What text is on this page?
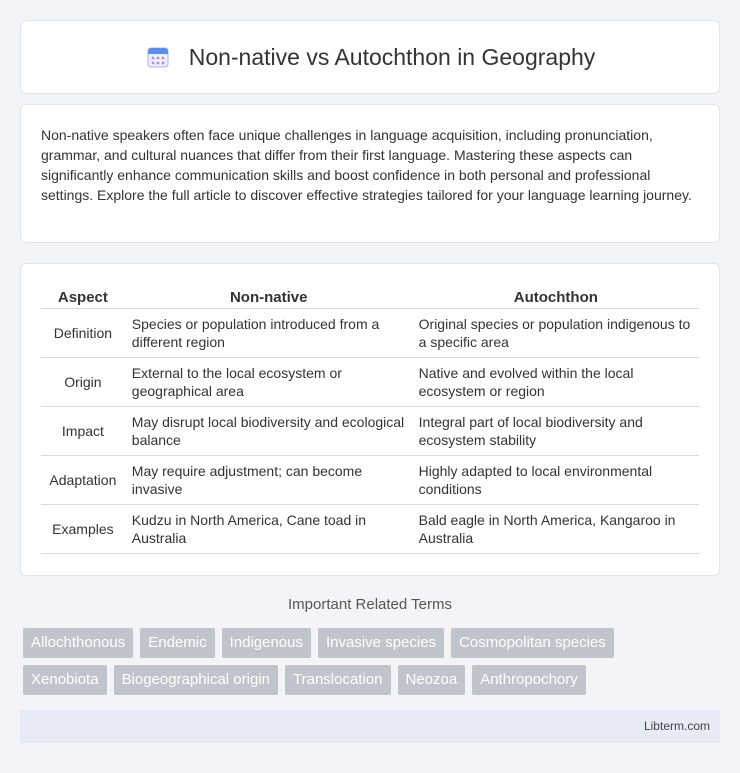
Non-native vs Autochthon in Geography

Non-native speakers often face unique challenges in language acquisition, including pronunciation, grammar, and cultural nuances that differ from their first language. Mastering these aspects can significantly enhance communication skills and boost confidence in both personal and professional settings. Explore the full article to discover effective strategies tailored for your language learning journey.

Aspect	Non-native	Autochthon
Definition	Species or population introduced from a different region	Original species or population indigenous to a specific area
Origin	External to the local ecosystem or geographical area	Native and evolved within the local ecosystem or region
Impact	May disrupt local biodiversity and ecological balance	Integral part of local biodiversity and ecosystem stability
Adaptation	May require adjustment; can become invasive	Highly adapted to local environmental conditions
Examples	Kudzu in North America, Cane toad in Australia	Bald eagle in North America, Kangaroo in Australia
Important Related Terms
Allochthonous	Endemic	Indigenous	Invasive species	Cosmopolitan species
Xenobiota	Biogeographical origin	Translocation	Neozoa	Anthropochory
Libterm.com
